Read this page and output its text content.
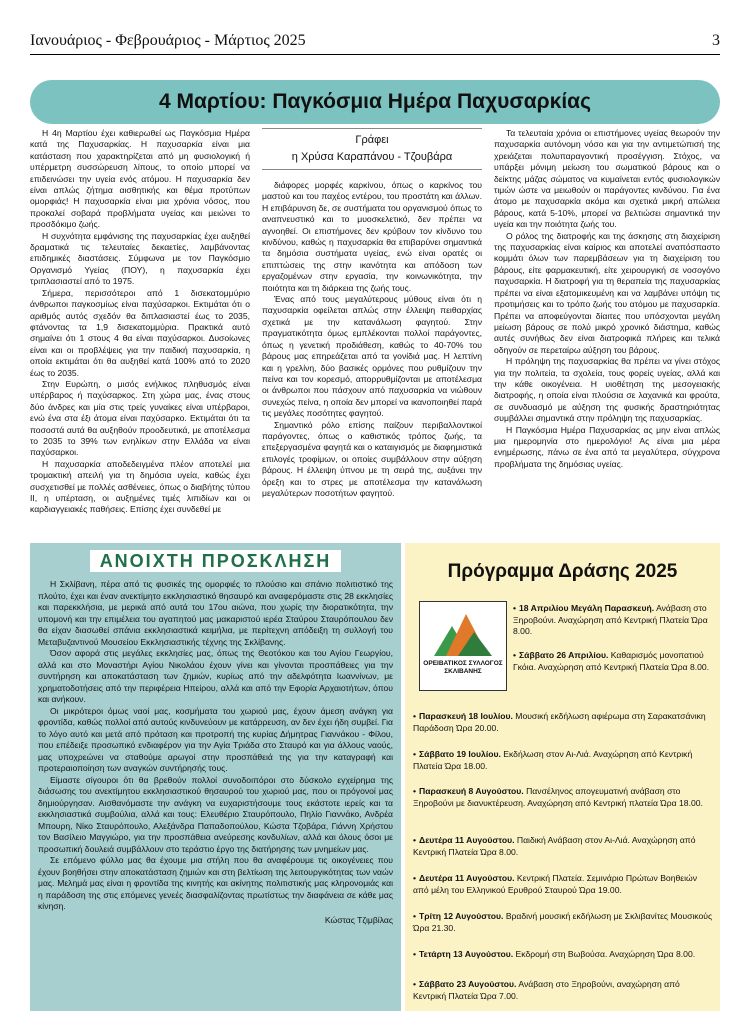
Ιανουάριος - Φεβρουάριος - Μάρτιος 2025	3
4 Μαρτίου: Παγκόσμια Ημέρα Παχυσαρκίας

Η 4η Μαρτίου έχει καθιερωθεί ως Παγκόσμια Ημέρα κατά της Παχυσαρκίας. Η παχυσαρκία είναι μια κατάσταση που χαρακτηρίζεται από μη φυσιολογική ή υπέρμετρη συσσώρευση λίπους, το οποίο μπορεί να επιδεινώσει την υγεία ενός ατόμου. Η παχυσαρκία δεν είναι απλώς ζήτημα αισθητικής και θέμα προτύπων ομορφιάς! Η παχυσαρκία είναι μια χρόνια νόσος, που προκαλεί σοβαρά προβλήματα υγείας και μειώνει το προσδόκιμο ζωής.

Η συχνότητα εμφάνισης της παχυσαρκίας έχει αυξηθεί δραματικά τις τελευταίες δεκαετίες, λαμβάνοντας επιδημικές διαστάσεις. Σύμφωνα με τον Παγκόσμιο Οργανισμό Υγείας (ΠΟΥ), η παχυσαρκία έχει τριπλασιαστεί από το 1975.

Σήμερα, περισσότεροι από 1 δισεκατομμύριο άνθρωποι παγκοσμίως είναι παχύσαρκοι. Εκτιμάται ότι ο αριθμός αυτός σχεδόν θα διπλασιαστεί έως το 2035, φτάνοντας τα 1,9 δισεκατομμύρια. Πρακτικά αυτό σημαίνει ότι 1 στους 4 θα είναι παχύσαρκοι. Δυσοίωνες είναι και οι προβλέψεις για την παιδική παχυσαρκία, η οποία εκτιμάται ότι θα αυξηθεί κατά 100% από το 2020 έως το 2035.

Στην Ευρώπη, ο μισός ενήλικος πληθυσμός είναι υπέρβαρος ή παχύσαρκος. Στη χώρα μας, ένας στους δύο άνδρες και μία στις τρείς γυναίκες είναι υπέρβαροι, ενώ ένα στα έξι άτομα είναι παχύσαρκο. Εκτιμάται ότι τα ποσοστά αυτά θα αυξηθούν προοδευτικά, με αποτέλεσμα το 2035 το 39% των ενηλίκων στην Ελλάδα να είναι παχύσαρκοι.

Η παχυσαρκία αποδεδειγμένα πλέον αποτελεί μια τρομακτική απειλή για τη δημόσια υγεία, καθώς έχει συσχετισθεί με πολλές ασθένειες, όπως ο διαβήτης τύπου ΙΙ, η υπέρταση, οι αυξημένες τιμές λιπιδίων και οι καρδιαγγειακές παθήσεις. Επίσης έχει συνδεθεί με

Γράφει
η Χρύσα Καραπάνου - Τζουβάρα

διάφορες μορφές καρκίνου, όπως ο καρκίνος του μαστού και του παχέος εντέρου, του προστάτη και άλλων. Η επιβάρυνση δε, σε συστήματα του οργανισμού όπως το αναπνευστικό και το μυοσκελετικό, δεν πρέπει να αγνοηθεί. Οι επιστήμονες δεν κρύβουν τον κίνδυνο του κινδύνου, καθώς η παχυσαρκία θα επιβαρύνει σημαντικά τα δημόσια συστήματα υγείας, ενώ είναι ορατές οι επιπτώσεις της στην ικανότητα και απόδοση των εργαζομένων στην εργασία, την κοινωνικότητα, την ποιότητα και τη διάρκεια της ζωής τους.

Ένας από τους μεγαλύτερους μύθους είναι ότι η παχυσαρκία οφείλεται απλώς στην έλλειψη πειθαρχίας σχετικά με την κατανάλωση φαγητού. Στην πραγματικότητα όμως εμπλέκονται πολλοί παράγοντες, όπως η γενετική προδιάθεση, καθώς το 40-70% του βάρους μας επηρεάζεται από τα γονίδιά μας. Η λεπτίνη και η γρελίνη, δύο βασικές ορμόνες που ρυθμίζουν την πείνα και τον κορεσμό, απορρυθμίζονται με αποτέλεσμα οι άνθρωποι που πάσχουν από παχυσαρκία να νιώθουν συνεχώς πείνα, η οποία δεν μπορεί να ικανοποιηθεί παρά τις μεγάλες ποσότητες φαγητού.

Σημαντικό ρόλο επίσης παίζουν περιβαλλοντικοί παράγοντες, όπως ο καθιστικός τρόπος ζωής, τα επεξεργασμένα φαγητά και ο καταιγισμός με διαφημιστικά επιλογές τροφίμων, οι οποίες συμβάλλουν στην αύξηση βάρους. Η έλλειψη ύπνου με τη σειρά της, αυξάνει την όρεξη και το στρες με αποτέλεσμα την κατανάλωση μεγαλύτερων ποσοτήτων φαγητού.

Τα τελευταία χρόνια οι επιστήμονες υγείας θεωρούν την παχυσαρκία αυτόνομη νόσο και για την αντιμετώπισή της χρειάζεται πολυπαραγοντική προσέγγιση. Στόχος, να υπάρξει μόνιμη μείωση του σωματικού βάρους και ο δείκτης μάζας σώματος να κυμαίνεται εντός φυσιολογικών τιμών ώστε να μειωθούν οι παράγοντες κινδύνου. Για ένα άτομο με παχυσαρκία ακόμα και σχετικά μικρή απώλεια βάρους, κατά 5-10%, μπορεί να βελτιώσει σημαντικά την υγεία και την ποιότητα ζωής του.

Ο ρόλος της διατροφής και της άσκησης στη διαχείριση της παχυσαρκίας είναι καίριος και αποτελεί αναπόσπαστο κομμάτι όλων των παρεμβάσεων για τη διαχείριση του βάρους, είτε φαρμακευτική, είτε χειρουργική σε νοσογόνο παχυσαρκία. Η διατροφή για τη θεραπεία της παχυσαρκίας πρέπει να είναι εξατομικευμένη και να λαμβάνει υπόψη τις προτιμήσεις και το τρόπο ζωής του ατόμου με παχυσαρκία. Πρέπει να αποφεύγονται δίαιτες που υπόσχονται μεγάλη μείωση βάρους σε πολύ μικρό χρονικό διάστημα, καθώς αυτές συνήθως δεν είναι διατροφικά πλήρεις και τελικά οδηγούν σε περεταίρω αύξηση του βάρους.

Η πρόληψη της παχυσαρκίας θα πρέπει να γίνει στόχος για την πολιτεία, τα σχολεία, τους φορείς υγείας, αλλά και την κάθε οικογένεια. Η υιοθέτηση της μεσογειακής διατροφής, η οποία είναι πλούσια σε λαχανικά και φρούτα, σε συνδυασμό με αύξηση της φυσικής δραστηριότητας συμβάλλει σημαντικά στην πρόληψη της παχυσαρκίας.

Η Παγκόσμια Ημέρα Παχυσαρκίας ας μην είναι απλώς μια ημερομηνία στο ημερολόγιο! Ας είναι μια μέρα ενημέρωσης, πάνω σε ένα από τα μεγαλύτερα, σύγχρονα προβλήματα της δημόσιας υγείας.

ΑΝΟΙΧΤΗ ΠΡΟΣΚΛΗΣΗ

Η Σκλίβανη, πέρα από τις φυσικές της ομορφιές το πλούσιο και σπάνιο πολιτιστικό της πλούτο, έχει και έναν ανεκτίμητο εκκλησιαστικό θησαυρό και αναφερόμαστε στις 28 εκκλησίες και παρεκκλήσια, με μερικά από αυτά του 17ου αιώνα, που χωρίς την διορατικότητα, την υπομονή και την επιμέλεια του αγαπητού μας μακαριστού ιερέα Σταύρου Σταυρόπουλου δεν θα είχαν διασωθεί σπάνια εκκλησιαστικά κειμήλια, με περίτεχνη απόδειξη τη συλλογή του Μεταβυζαντινού Μουσείου Εκκλησιαστικής τέχνης της Σκλίβανης.

Όσον αφορά στις μεγάλες εκκλησίες μας, όπως της Θεοτόκου και του Αγίου Γεωργίου, αλλά και στο Μοναστήρι Αγίου Νικολάου έχουν γίνει και γίνονται προσπάθειες για την συντήρηση και αποκατάσταση των ζημιών, κυρίως από την αδελφότητα Ιωαννίνων, με χρηματοδοτήσεις από την περιφέρεια Ηπείρου, αλλά και από την Εφορία Αρχαιοτήτων, όπου και ανήκουν.

Οι μικρότεροι όμως ναοί μας, κοσμήματα του χωριού μας, έχουν άμεση ανάγκη για φροντίδα, καθώς πολλοί από αυτούς κινδυνεύουν με κατάρρευση, αν δεν έχει ήδη συμβεί. Για το λόγο αυτό και μετά από πρόταση και προτροπή της κυρίας Δήμητρας Γιαννάκου - Φίλου, που επέδειξε προσωπικό ενδιαφέρον για την Αγία Τριάδα στο Σταυρό και για άλλους ναούς, μας υποχρεώνει να σταθούμε αρωγοί στην προσπάθειά της για την καταγραφή και προτεραιοποίηση των αναγκών συντήρησής τους.

Είμαστε σίγουροι ότι θα βρεθούν πολλοί συνοδοιπόροι στο δύσκολο εγχείρημα της διάσωσης του ανεκτίμητου εκκλησιαστικού θησαυρού του χωριού μας, που οι πρόγονοί μας δημιούργησαν. Αισθανόμαστε την ανάγκη να ευχαριστήσουμε τους εκάστοτε ιερείς και τα εκκλησιαστικά συμβούλια, αλλά και τους: Ελευθέριο Σταυρόπουλο, Πηλίο Γιαννάκο, Ανδρέα Μπουρη, Νίκο Σταυρόπουλο, Αλεξάνδρα Παπαδοπούλου, Κώστα Τζοβάρα, Γιάννη Χρήστου τον Βασίλειο Μαγγιώρο, για την προσπάθεια ανεύρεσης κονδυλίων, αλλά και όλους όσοι με προσωπική δουλειά συμβάλλουν στο τεράστιο έργο της διατήρησης των μνημείων μας.

Σε επόμενο φύλλο μας θα έχουμε μια στήλη που θα αναφέρουμε τις οικογένειες που έχουν βοηθήσει στην αποκατάσταση ζημιών και στη βελτίωση της λειτουργικότητας των ναών μας. Μελημά μας είναι η φροντίδα της κινητής και ακίνητης πολιτιστικής μας κληρονομιάς και η παράδοση της στις επόμενες γενεές διασφαλίζοντας πρωτίστως την διαφάνεια σε κάθε μας κίνηση.

Κώστας Τζιμβίλας
Πρόγραμμα Δράσης 2025
ΟΡΕΙΒΑΤΙΚΟΣ ΣΥΛΛΟΓΟΣ
ΣΚΛΙΒΑΝΗΣ
• 18 Απριλίου Μεγάλη Παρασκευή. Ανάβαση στο Ξηροβούνι. Αναχώρηση από Κεντρική Πλατεία Ώρα 8.00.
• Σάββατο 26 Απριλίου. Καθαρισμός μονοπατιού Γκόια. Αναχώρηση από Κεντρική Πλατεία Ώρα 8.00.
• Παρασκευή 18 Ιουλίου. Μουσική εκδήλωση αφιέρωμα στη Σαρακατσάνικη Παράδοση Ώρα 20.00.
• Σάββατο 19 Ιουλίου. Εκδήλωση στον Αι-Λιά. Αναχώρηση από Κεντρική Πλατεία Ώρα 18.00.
• Παρασκευή 8 Αυγούστου. Πανσέληνος απογευματινή ανάβαση στο Ξηροβούνι με διανυκτέρευση. Αναχώρηση από Κεντρική πλατεία Ώρα 18.00.
• Δευτέρα 11 Αυγούστου. Παιδική Ανάβαση στον Αι-Λιά. Αναχώρηση από Κεντρική Πλατεία Ώρα 8.00.
• Δευτέρα 11 Αυγούστου. Κεντρική Πλατεία. Σεμινάριο Πρώτων Βοηθειών από μέλη του Ελληνικού Ερυθρού Σταυρού Ώρα 19.00.
• Τρίτη 12 Αυγούστου. Βραδινή μουσική εκδήλωση με Σκλιβανίτες Μουσικούς Ώρα 21.30.
• Τετάρτη 13 Αυγούστου. Εκδρομή στη Βωβούσα. Αναχώρηση Ώρα 8.00.
• Σάββατο 23 Αυγούστου. Ανάβαση στο Ξηροβούνι, αναχώρηση από Κεντρική Πλατεία Ώρα 7.00.
